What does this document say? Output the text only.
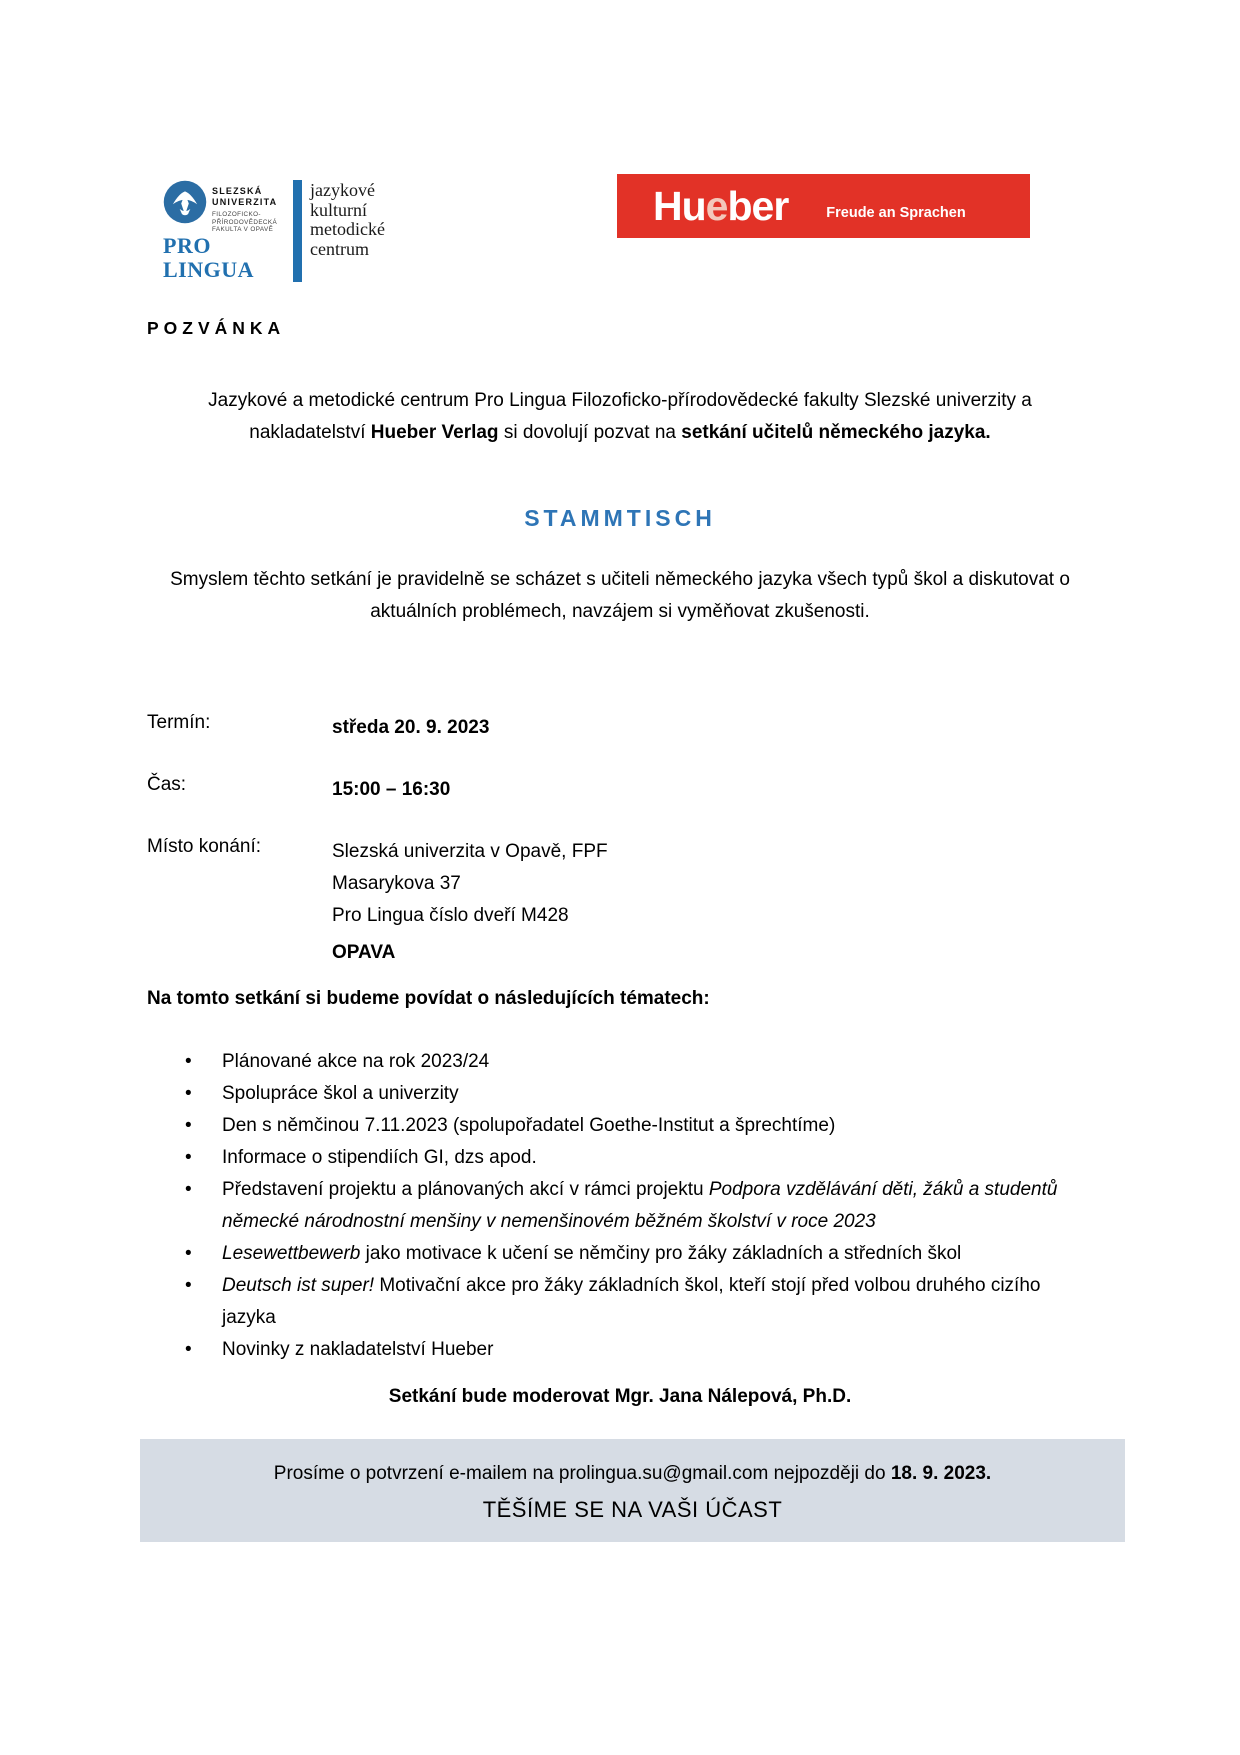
SLEZSKÁ
UNIVERZITA
FILOZOFICKO-
PŘÍRODOVĚDECKÁ
FAKULTA V OPAVĚ
PRO LINGUA
jazykové
kulturní
metodické
centrum
Hueber	Freude an Sprachen
POZVÁNKA

Jazykové a metodické centrum Pro Lingua Filozoficko-přírodovědecké fakulty Slezské univerzity a
nakladatelství Hueber Verlag si dovolují pozvat na setkání učitelů německého jazyka.

STAMMTISCH

Smyslem těchto setkání je pravidelně se scházet s učiteli německého jazyka všech typů škol a diskutovat o aktuálních problémech, navzájem si vyměňovat zkušenosti.

Termín:	středa 20. 9. 2023
Čas:	15:00 – 16:30
Místo konání:	Slezská univerzita v Opavě, FPF
Masarykova 37
Pro Lingua číslo dveří M428
OPAVA
Na tomto setkání si budeme povídat o následujících tématech:
• Plánované akce na rok 2023/24
• Spolupráce škol a univerzity
• Den s němčinou 7.11.2023 (spolupořadatel Goethe-Institut a šprechtíme)
• Informace o stipendiích GI, dzs apod.
• Představení projektu a plánovaných akcí v rámci projektu Podpora vzdělávání děti, žáků a studentů německé národnostní menšiny v nemenšinovém běžném školství v roce 2023
• Lesewettbewerb jako motivace k učení se němčiny pro žáky základních a středních škol
• Deutsch ist super! Motivační akce pro žáky základních škol, kteří stojí před volbou druhého cizího jazyka
• Novinky z nakladatelství Hueber

Setkání bude moderovat Mgr. Jana Nálepová, Ph.D.

Prosíme o potvrzení e-mailem na prolingua.su@gmail.com nejpozději do 18. 9. 2023.
TĚŠÍME SE NA VAŠI ÚČAST
